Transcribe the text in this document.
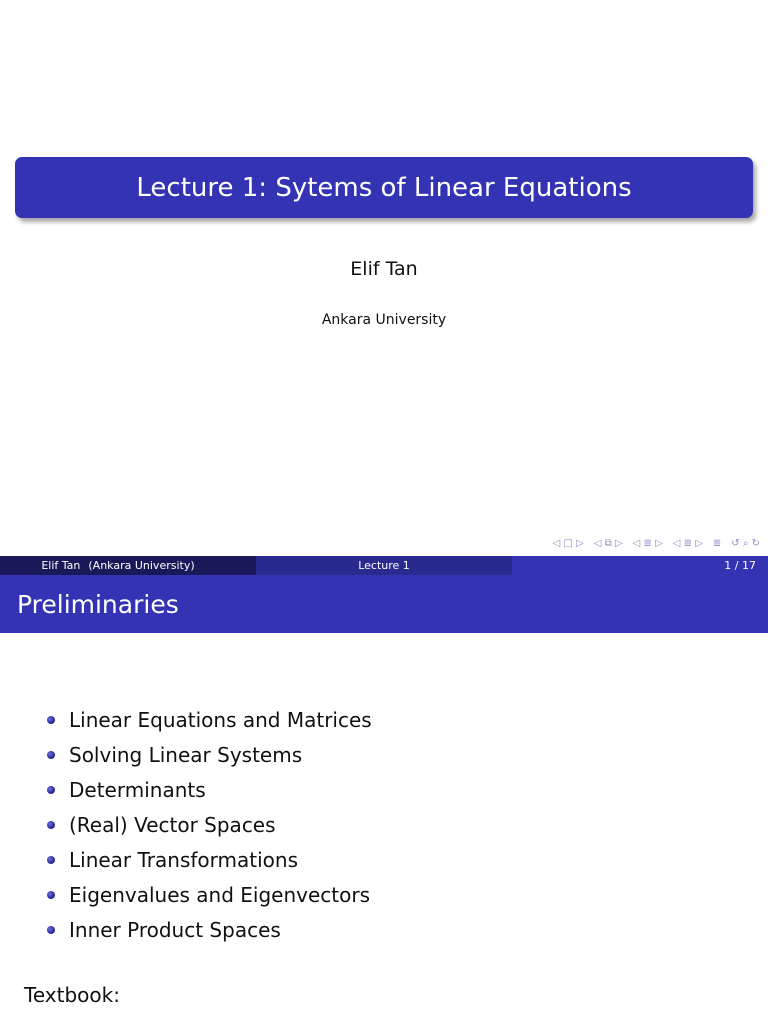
Lecture 1: Sytems of Linear Equations
Elif Tan
Ankara University
◁ □ ▷ ◁ ⧉ ▷ ◁ ≣ ▷ ◁ ≣ ▷ ≣ ↺ ⌕ ↻
Elif Tan (Ankara University)	Lecture 1	1 / 17
Preliminaries
Linear Equations and Matrices
Solving Linear Systems
Determinants
(Real) Vector Spaces
Linear Transformations
Eigenvalues and Eigenvectors
Inner Product Spaces
Textbook:
